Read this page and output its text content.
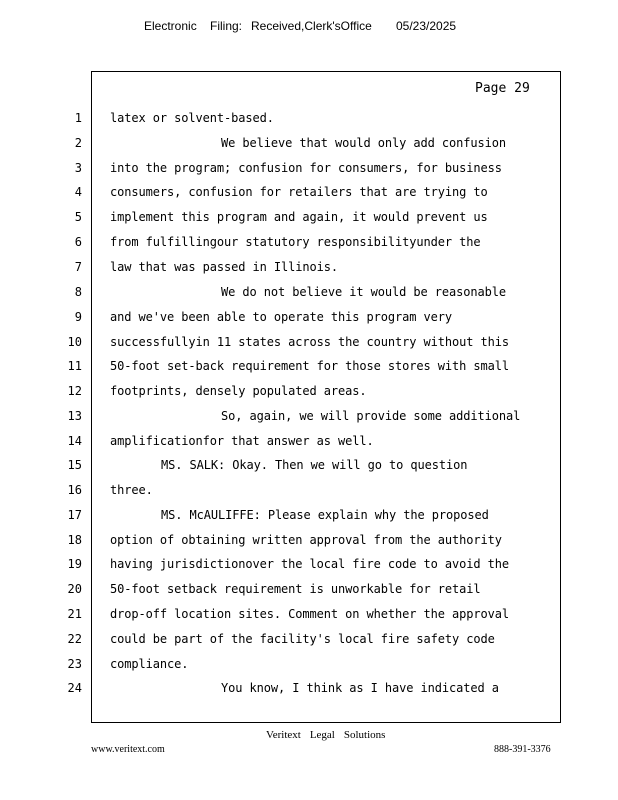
Electronic Filing: Received,Clerk'sOffice 05/23/2025
Page 29
1 latex or solvent-based.
2	We believe that would only add confusion
3 into the program; confusion for consumers, for business
4 consumers, confusion for retailers that are trying to
5 implement this program and again, it would prevent us
6 from fulfillingour statutory responsibilityunder the
7 law that was passed in Illinois.
8	We do not believe it would be reasonable
9 and we've been able to operate this program very
10 successfullyin 11 states across the country without this
11 50-foot set-back requirement for those stores with small
12 footprints, densely populated areas.
13	So, again, we will provide some additional
14 amplificationfor that answer as well.
15	MS. SALK: Okay. Then we will go to question
16 three.
17	MS. McAULIFFE: Please explain why the proposed
18 option of obtaining written approval from the authority
19 having jurisdictionover the local fire code to avoid the
20 50-foot setback requirement is unworkable for retail
21 drop-off location sites. Comment on whether the approval
22 could be part of the facility's local fire safety code
23 compliance.
24	You know, I think as I have indicated a
Veritext Legal Solutions
www.veritext.com	888-391-3376
